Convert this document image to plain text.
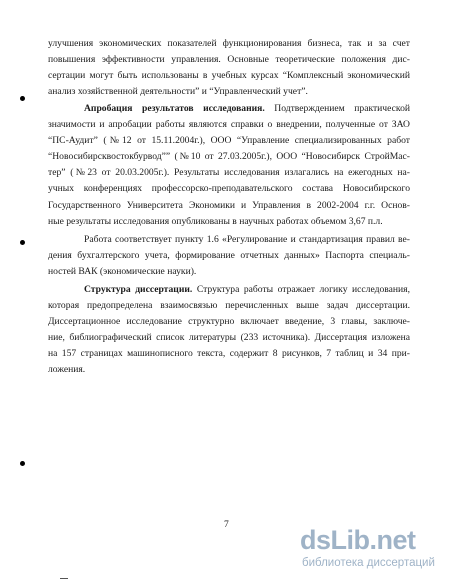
улучшения экономических показателей функционирования бизнеса, так и за счет
повышения эффективности управления. Основные теоретические положения дис-
сертации могут быть использованы в учебных курсах “Комплексный экономический
анализ хозяйственной деятельности” и “Управленческий учет”.
Апробация результатов исследования. Подтверждением практической
значимости и апробации работы являются справки о внедрении, полученные от ЗАО
“ПС-Аудит” (№12 от 15.11.2004г.), ООО “Управление специализированных работ
“Новосибирсквостокбурвод”” (№10 от 27.03.2005г.), ООО “Новосибирск СтройМас-
тер” (№23 от 20.03.2005г.). Результаты исследования излагались на ежегодных на-
учных конференциях профессорско-преподавательского состава Новосибирского
Государственного Университета Экономики и Управления в 2002-2004 г.г. Основ-
ные результаты исследования опубликованы в научных работах объемом 3,67 п.л.
Работа соответствует пункту 1.6 «Регулирование и стандартизация правил ве-
дения бухгалтерского учета, формирование отчетных данных» Паспорта специаль-
ностей ВАК (экономические науки).
Структура диссертации. Структура работы отражает логику исследования,
которая предопределена взаимосвязью перечисленных выше задач диссертации.
Диссертационное исследование структурно включает введение, 3 главы, заключе-
ние, библиографический список литературы (233 источника). Диссертация изложена
на 157 страницах машинописного текста, содержит 8 рисунков, 7 таблиц и 34 при-
ложения.
7
dsLib.net
библиотека диссертаций
